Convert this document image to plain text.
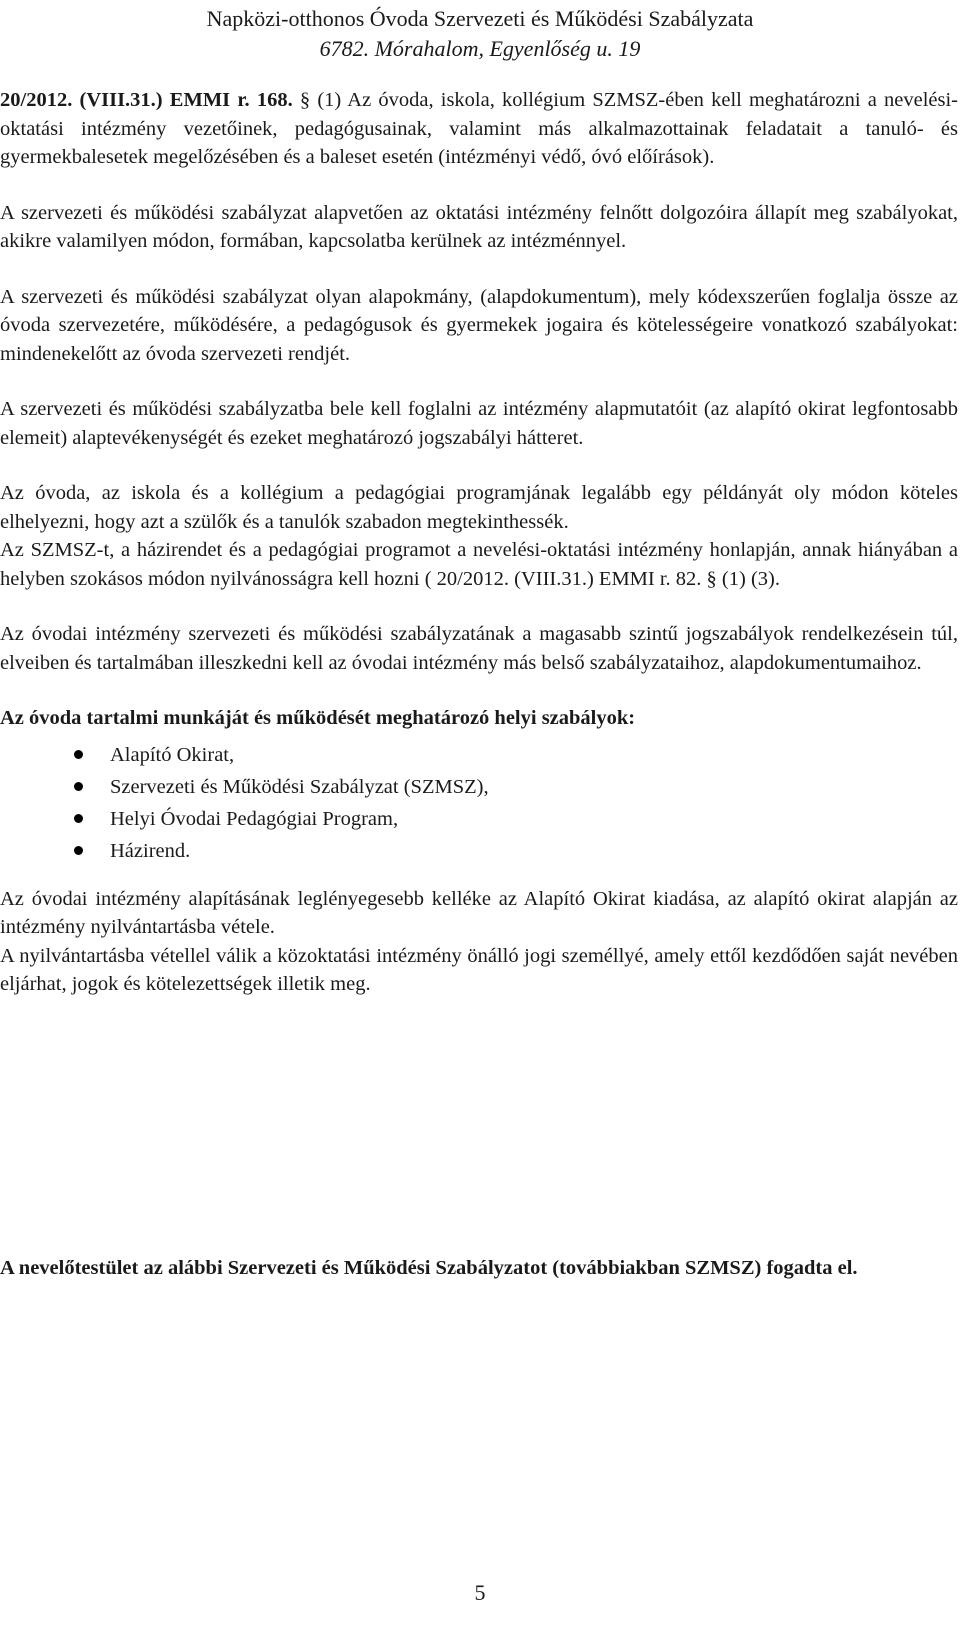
Napközi-otthonos Óvoda Szervezeti és Működési Szabályzata
6782. Mórahalom, Egyenlőség u. 19

20/2012. (VIII.31.) EMMI r. 168. § (1) Az óvoda, iskola, kollégium SZMSZ-ében kell meghatározni a nevelési-oktatási intézmény vezetőinek, pedagógusainak, valamint más alkalmazottainak feladatait a tanuló- és gyermekbalesetek megelőzésében és a baleset esetén (intézményi védő, óvó előírások).

A szervezeti és működési szabályzat alapvetően az oktatási intézmény felnőtt dolgozóira állapít meg szabályokat, akikre valamilyen módon, formában, kapcsolatba kerülnek az intézménnyel.

A szervezeti és működési szabályzat olyan alapokmány, (alapdokumentum), mely kódexszerűen foglalja össze az óvoda szervezetére, működésére, a pedagógusok és gyermekek jogaira és kötelességeire vonatkozó szabályokat: mindenekelőtt az óvoda szervezeti rendjét.

A szervezeti és működési szabályzatba bele kell foglalni az intézmény alapmutatóit (az alapító okirat legfontosabb elemeit) alaptevékenységét és ezeket meghatározó jogszabályi hátteret.

Az óvoda, az iskola és a kollégium a pedagógiai programjának legalább egy példányát oly módon köteles elhelyezni, hogy azt a szülők és a tanulók szabadon megtekinthessék.

Az SZMSZ-t, a házirendet és a pedagógiai programot a nevelési-oktatási intézmény honlapján, annak hiányában a helyben szokásos módon nyilvánosságra kell hozni ( 20/2012. (VIII.31.) EMMI r. 82. § (1) (3).

Az óvodai intézmény szervezeti és működési szabályzatának a magasabb szintű jogszabályok rendelkezésein túl, elveiben és tartalmában illeszkedni kell az óvodai intézmény más belső szabályzataihoz, alapdokumentumaihoz.

Az óvoda tartalmi munkáját és működését meghatározó helyi szabályok:
Alapító Okirat,
Szervezeti és Működési Szabályzat (SZMSZ),
Helyi Óvodai Pedagógiai Program,
Házirend.

Az óvodai intézmény alapításának leglényegesebb kelléke az Alapító Okirat kiadása, az alapító okirat alapján az intézmény nyilvántartásba vétele.

A nyilvántartásba vétellel válik a közoktatási intézmény önálló jogi személlyé, amely ettől kezdődően saját nevében eljárhat, jogok és kötelezettségek illetik meg.

A nevelőtestület az alábbi Szervezeti és Működési Szabályzatot (továbbiakban SZMSZ) fogadta el.
5
